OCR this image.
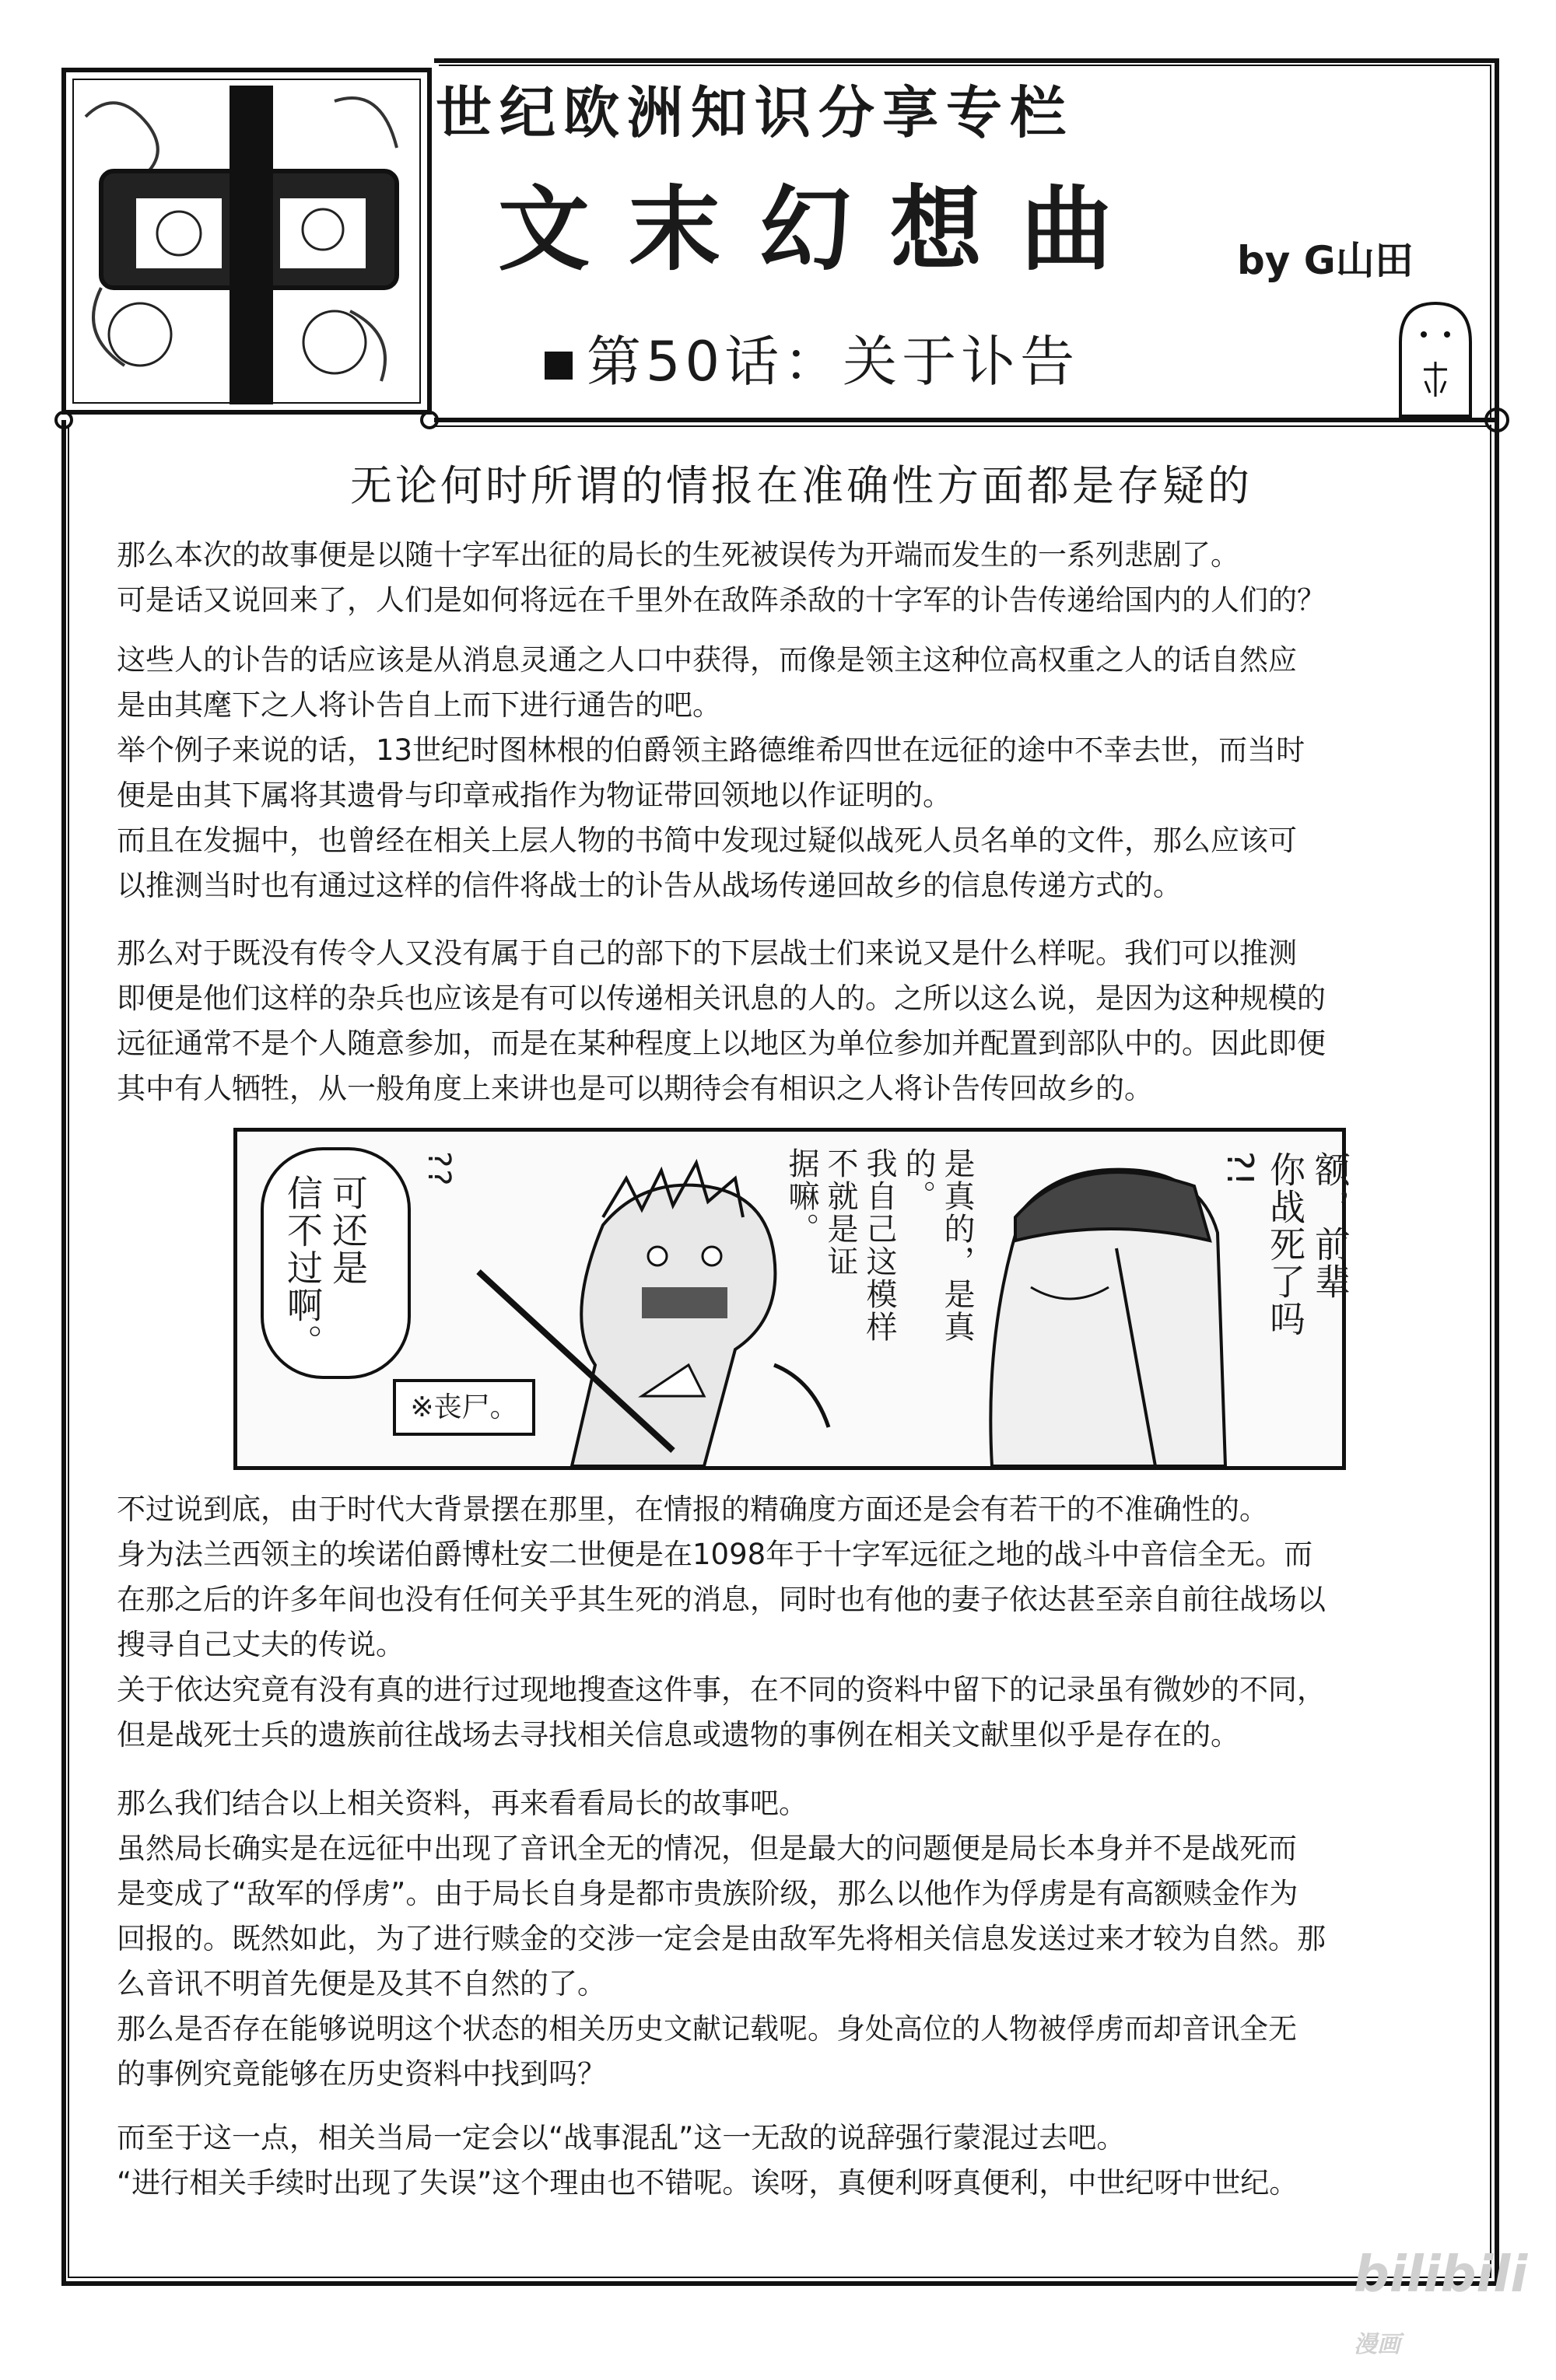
世纪欧洲知识分享专栏
文末幻想曲	by G山田
第50话：关于讣告
无论何时所谓的情报在准确性方面都是存疑的

那么本次的故事便是以随十字军出征的局长的生死被误传为开端而发生的一系列悲剧了。

可是话又说回来了，人们是如何将远在千里外在敌阵杀敌的十字军的讣告传递给国内的人们的？

这些人的讣告的话应该是从消息灵通之人口中获得，而像是领主这种位高权重之人的话自然应

是由其麾下之人将讣告自上而下进行通告的吧。

举个例子来说的话，13世纪时图林根的伯爵领主路德维希四世在远征的途中不幸去世，而当时

便是由其下属将其遗骨与印章戒指作为物证带回领地以作证明的。

而且在发掘中，也曾经在相关上层人物的书简中发现过疑似战死人员名单的文件，那么应该可

以推测当时也有通过这样的信件将战士的讣告从战场传递回故乡的信息传递方式的。

那么对于既没有传令人又没有属于自己的部下的下层战士们来说又是什么样呢。我们可以推测

即便是他们这样的杂兵也应该是有可以传递相关讯息的人的。之所以这么说，是因为这种规模的

远征通常不是个人随意参加，而是在某种程度上以地区为单位参加并配置到部队中的。因此即便

其中有人牺牲，从一般角度上来讲也是可以期待会有相识之人将讣告传回故乡的。

可还是
信不过啊。
??	是真的，是真的。
我自己这模样
不就是证
据嘛。	额，前辈
你战死了吗
?!
※丧尸。

不过说到底，由于时代大背景摆在那里，在情报的精确度方面还是会有若干的不准确性的。

身为法兰西领主的埃诺伯爵博杜安二世便是在1098年于十字军远征之地的战斗中音信全无。而

在那之后的许多年间也没有任何关乎其生死的消息，同时也有他的妻子依达甚至亲自前往战场以

搜寻自己丈夫的传说。

关于依达究竟有没有真的进行过现地搜查这件事，在不同的资料中留下的记录虽有微妙的不同，

但是战死士兵的遗族前往战场去寻找相关信息或遗物的事例在相关文献里似乎是存在的。

那么我们结合以上相关资料，再来看看局长的故事吧。

虽然局长确实是在远征中出现了音讯全无的情况，但是最大的问题便是局长本身并不是战死而

是变成了“敌军的俘虏”。由于局长自身是都市贵族阶级，那么以他作为俘虏是有高额赎金作为

回报的。既然如此，为了进行赎金的交涉一定会是由敌军先将相关信息发送过来才较为自然。那

么音讯不明首先便是及其不自然的了。

那么是否存在能够说明这个状态的相关历史文献记载呢。身处高位的人物被俘虏而却音讯全无

的事例究竟能够在历史资料中找到吗？

而至于这一点，相关当局一定会以“战事混乱”这一无敌的说辞强行蒙混过去吧。

“进行相关手续时出现了失误”这个理由也不错呢。诶呀，真便利呀真便利，中世纪呀中世纪。

bilibili$^{漫画}$
